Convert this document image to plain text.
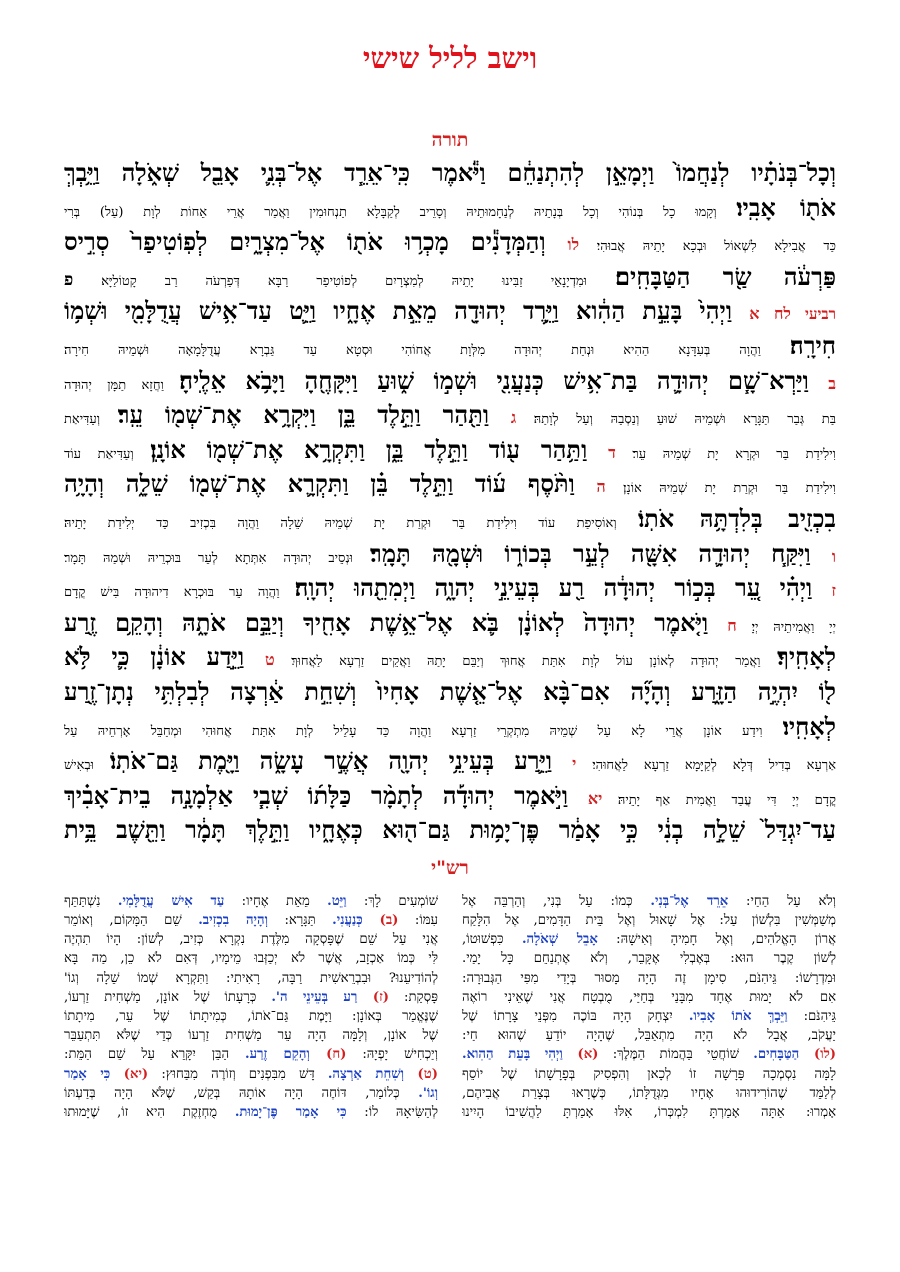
וישב לליל שישי
תורה
וְכָל־בְּנֹתָ֗יו לְנַחֲמוֹ֙ וַיְמָאֵ֣ן לְהִתְנַחֵ֔ם וַיֹּ֕אמֶר כִּֽי־אֵרֵ֧ד אֶל־בְּנִ֛י אָבֵ֖ל שְׁאֹ֑לָה וַיֵּ֥בְךְּ
אֹת֖וֹ אָבִֽיו׃ וְקָמוּ כָל בְּנוֹהִי וְכָל בְּנָתֵיהּ לְנַחָמוּתֵיהּ וְסָרֵיב לְקַבָּלָא תַנְחוּמִין וַאֲמַר אֲרֵי אֵחוֹת לְוָת (עַל) בְּרִי
כַּד אֲבִילָא לִשְׁאוֹל וּבְכָא יָתֵיהּ אֲבוּהִי׃ לו וְהַמְּדָנִ֕ים מָכְר֥וּ אֹת֖וֹ אֶל־מִצְרָ֑יִם לְפֽוֹטִיפַר֙ סְרִ֣יס
פַּרְעֹ֔ה שַׂ֖ר הַטַּבָּחִֽים׃ וּמִדְיָנָאֵי זַבִּינוּ יָתֵיהּ לְמִצְרָיִם לְפוֹטִיפַר רַבָּא דְּפַרְעֹה רַב קָטוֹלַיָּא׃ פ
רביעי לח א וַיְהִי֙ בָּעֵ֣ת הַהִ֔וא וַיֵּ֥רֶד יְהוּדָ֖ה מֵאֵ֣ת אֶחָ֑יו וַיֵּ֛ט עַד־אִ֥ישׁ עֲדֻלָּמִ֖י וּשְׁמ֥וֹ
חִירָֽה׃ וַהֲוָה בְּעִדָּנָא הַהִיא וּנְחַת יְהוּדָה מִלְּוָת אֲחוֹהִי וּסְטָא עַד גַּבְרָא עֲדֻלָּמָאָה וּשְׁמֵיהּ חִירָה׃
ב וַיַּרְא־שָׁ֧ם יְהוּדָ֛ה בַּת־אִ֥ישׁ כְּנַעֲנִ֖י וּשְׁמ֣וֹ שׁ֑וּעַ וַיִּקָּחֶ֖הָ וַיָּבֹ֥א אֵלֶֽיהָ׃ וַחֲזָא תַמָּן יְהוּדָה
בַּת גְּבַר תַּגָּרָא וּשְׁמֵיהּ שׁוּעַ וְנַסְבַהּ וְעַל לְוָתַהּ׃ ג וַתַּ֖הַר וַתֵּ֣לֶד בֵּ֑ן וַיִּקְרָ֥א אֶת־שְׁמ֖וֹ עֵֽר׃ וְעַדִּיאַת
וִילִידַת בַּר וּקְרָא יָת שְׁמֵיהּ עֵר׃ ד וַתַּ֥הַר ע֖וֹד וַתֵּ֣לֶד בֵּ֑ן וַתִּקְרָ֥א אֶת־שְׁמ֖וֹ אוֹנָֽן׃ וְעַדִּיאַת עוֹד
וִילִידַת בַּר וּקְרַת יָת שְׁמֵיהּ אוֹנָן׃ ה וַתֹּ֨סֶף ע֜וֹד וַתֵּ֣לֶד בֵּ֗ן וַתִּקְרָ֛א אֶת־שְׁמ֖וֹ שֵׁלָ֑ה וְהָיָ֥ה
בִכְזִ֖יב בְּלִדְתָּ֥הּ אֹתֽוֹ׃ וְאוֹסִיפַת עוֹד וִילִידַת בַּר וּקְרַת יָת שְׁמֵיהּ שֵׁלָה וַהֲוָה בִּכְזִיב כַּד יְלִידַת יָתֵיהּ׃
ו וַיִּקַּ֧ח יְהוּדָ֛ה אִשָּׁ֖ה לְעֵ֣ר בְּכוֹר֑וֹ וּשְׁמָ֖הּ תָּמָֽר׃ וּנְסֵיב יְהוּדָה אִתְּתָא לְעֵר בּוּכְרֵיהּ וּשְׁמַהּ תָּמָר׃
ז וַיְהִ֗י עֵ֚ר בְּכ֣וֹר יְהוּדָ֔ה רַ֖ע בְּעֵינֵ֣י יְהוָ֑ה וַיְמִתֵ֖הוּ יְהוָֽה׃ וַהֲוָה עֵר בּוּכְרָא דִיהוּדָה בִּישׁ קֳדָם
יְיָ וַאֲמִיתֵיהּ יְיָ׃ ח וַיֹּ֤אמֶר יְהוּדָה֙ לְאוֹנָ֔ן בֹּ֛א אֶל־אֵ֥שֶׁת אָחִ֖יךָ וְיַבֵּ֣ם אֹתָ֑הּ וְהָקֵ֥ם זֶ֖רַע
לְאָחִֽיךָ׃ וַאֲמַר יְהוּדָה לְאוֹנָן עוֹל לְוָת אִתַּת אֲחוּךְ וְיַבֵּם יָתַהּ וַאֲקֵים זַרְעָא לַאֲחוּךְ׃ ט וַיֵּ֣דַע אוֹנָ֔ן כִּ֛י לֹּ֥א
ל֖וֹ יִהְיֶ֣ה הַזָּ֑רַע וְהָיָ֞ה אִם־בָּ֨א אֶל־אֵ֤שֶׁת אָחִיו֙ וְשִׁחֵ֣ת אַ֔רְצָה לְבִלְתִּ֥י נְתָן־זֶ֖רַע
לְאָחִֽיו׃ וִידַע אוֹנָן אֲרֵי לָא עַל שְׁמֵיהּ מִתְקְרֵי זַרְעָא וַהֲוָה כַּד עָלֵיל לְוָת אִתַּת אֲחוּהִי וּמְחַבֵּל אָרְחֵיהּ עַל
אַרְעָא בְּדִיל דְּלָא לְקַיָּמָא זַרְעָא לַאֲחוּהִי׃ י וַיֵּ֛רַע בְּעֵינֵ֥י יְהוָ֖ה אֲשֶׁ֣ר עָשָׂ֑ה וַיָּ֖מֶת גַּם־אֹתֽוֹ׃ וּבְאִישׁ
קֳדָם יְיָ דִּי עֲבַד וַאֲמִית אַף יָתֵיהּ׃ יא וַיֹּ֣אמֶר יְהוּדָ֡ה לְתָמָ֨ר כַּלָּת֜וֹ שְׁבִ֧י אַלְמָנָ֣ה בֵית־אָבִ֗יךְ
עַד־יִגְדַּל֙ שֵׁלָ֣ה בְנִ֔י כִּ֣י אָמַ֔ר פֶּן־יָמ֥וּת גַּם־ה֖וּא כְּאֶחָ֑יו וַתֵּ֣לֶךְ תָּמָ֔ר וַתֵּ֖שֶׁב בֵּ֥ית
רש"י
וְלֹא עַל הַחַי: אֵרֵד אֶל־בְּנִי. כְּמוֹ: עַל בְּנִי, וְהַרְבֵּה אֶל
מְשַׁמְּשִׁין בִּלְשׁוֹן עַל: אֶל שָׁאוּל וְאֶל בֵּית הַדָּמִים, אֶל הִלָּקַח
אֲרוֹן הָאֱלֹהִים, וְאֶל חָמִיהָ וְאִישָׁהּ: אָבֵל שְׁאֹלָה. כִּפְשׁוּטוֹ,
לְשׁוֹן קֶבֶר הוּא: בְּאֶבְלִי אֶקָּבֵר, וְלֹא אֶתְנַחֵם כָּל יָמַי.
וּמִדְרָשׁוֹ: גֵּיהִנֹּם, סִימָן זֶה הָיָה מָסוּר בְּיָדִי מִפִּי הַגְּבוּרָה:
אִם לֹא יָמוּת אֶחָד מִבָּנַי בְּחַיַּי, מֻבְטָח אֲנִי שֶׁאֵינִי רוֹאֶה
גֵּיהִנֹּם: וַיֵּבְךְּ אֹתוֹ אָבִיו. יִצְחָק הָיָה בּוֹכֶה מִפְּנֵי צָרָתוֹ שֶׁל
יַעֲקֹב, אֲבָל לֹא הָיָה מִתְאַבֵּל, שֶׁהָיָה יוֹדֵעַ שֶׁהוּא חַי:
(לו) הַטַּבָּחִים. שׁוֹחֲטֵי בַּהֲמוֹת הַמֶּלֶךְ: (א) וַיְהִי בָּעֵת הַהִוא.
לָמָּה נִסְמְכָה פָּרָשָׁה זוֹ לְכָאן וְהִפְסִיק בְּפָרָשָׁתוֹ שֶׁל יוֹסֵף
לְלַמֵּד שֶׁהוֹרִידוּהוּ אֶחָיו מִגְּדֻלָּתוֹ, כְּשֶׁרָאוּ בְּצָרַת אֲבִיהֶם,
אָמְרוּ: אַתָּה אָמַרְתָּ לִמְכְּרוֹ, אִלּוּ אָמַרְתָּ לַהֲשִׁיבוֹ הָיִינוּ
שׁוֹמְעִים לָךְ: וַיֵּט. מֵאֵת אֶחָיו: עַד אִישׁ עֲדֻלָּמִי. נִשְׁתַּתֵּף
עִמּוֹ: (ב) כְּנַעֲנִי. תַּגָּרָא: וְהָיָה בִכְזִיב. שֵׁם הַמָּקוֹם, וְאוֹמֵר
אֲנִי עַל שֵׁם שֶׁפָּסְקָה מִלֶּדֶת נִקְרָא כְּזִיב, לְשׁוֹן: הָיוֹ תִהְיֶה
לִּי כְּמוֹ אַכְזָב, אֲשֶׁר לֹא יְכַזְּבוּ מֵימָיו, דְּאִם לֹא כֵן, מַה בָּא
לְהוֹדִיעֵנוּ? וּבִבְרֵאשִׁית רַבָּה, רָאִיתִי: וַתִּקְרָא שְׁמוֹ שֵׁלָה וְגוֹ'
פָּסְקַת: (ז) רַע בְּעֵינֵי ה'. כְּרָעָתוֹ שֶׁל אוֹנָן, מַשְׁחִית זַרְעוֹ,
שֶׁנֶּאֱמַר בְּאוֹנָן: וַיָּמֶת גַּם־אֹתוֹ, כְּמִיתָתוֹ שֶׁל עֵר, מִיתָתוֹ
שֶׁל אוֹנָן, וְלָמָּה הָיָה עֵר מַשְׁחִית זַרְעוֹ כְּדֵי שֶׁלֹּא תִּתְעַבֵּר
וְיַכְחִישׁ יָפְיָהּ: (ח) וְהָקֵם זֶרַע. הַבֵּן יִקָּרֵא עַל שֵׁם הַמֵּת:
(ט) וְשִׁחֵת אַרְצָה. דָּשׁ מִבִּפְנִים וְזוֹרֶה מִבַּחוּץ: (יא) כִּי אָמַר
וְגוֹ'. כְּלוֹמַר, דּוֹחֶה הָיָה אוֹתָהּ בְּקַשׁ, שֶׁלֹּא הָיָה בְּדַעְתּוֹ
לְהַשִּׂיאָהּ לוֹ: כִּי אָמַר פֶּן־יָמוּת. מֻחְזֶקֶת הִיא זוֹ, שֶׁיָּמוּתוּ
